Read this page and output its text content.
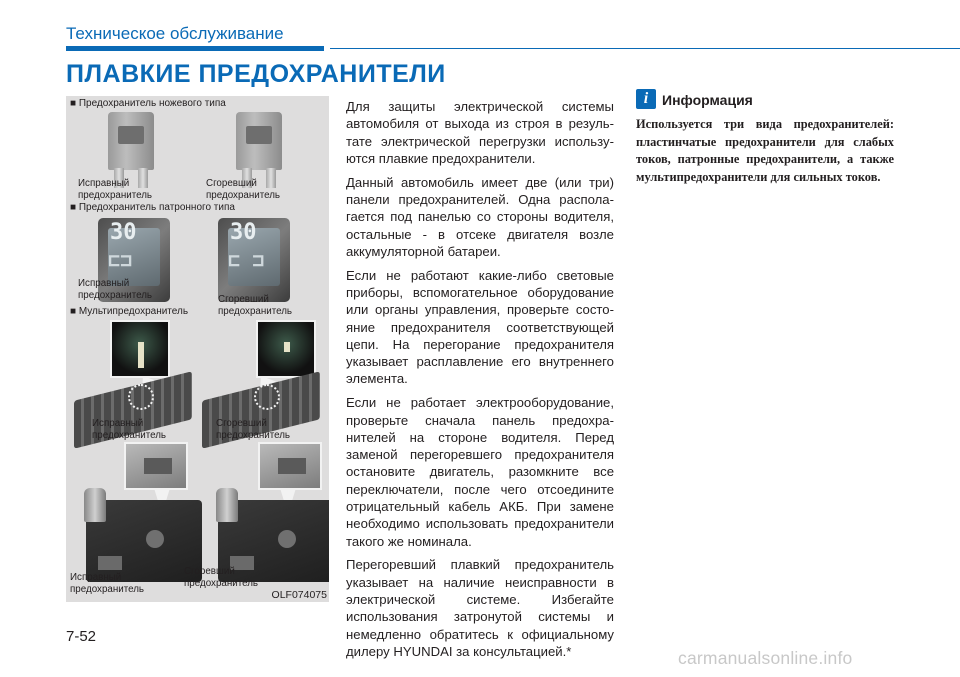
Техническое обслуживание
ПЛАВКИЕ ПРЕДОХРАНИТЕЛИ
■ Предохранитель ножевого типа
Исправный
предохранитель
Сгоревший
предохранитель
■ Предохранитель патронного типа
30
⊏⊐
30
⊏ ⊐
Исправный
предохранитель	Сгоревший
предохранитель
■ Мультипредохранитель
Исправный
предохранитель
Сгоревший
предохранитель
Исправный
предохранитель
Сгоревший
предохранитель
OLF074075

Для защиты электрической системы автомобиля от выхода из строя в результате электрической перегрузки используются плавкие предохранители.

Данный автомобиль имеет две (или три) панели предохранителей. Одна располагается под панелью со стороны водителя, остальные - в отсеке двигателя возле аккумуляторной батареи.

Если не работают какие-либо световые приборы, вспомогательное оборудование или органы управления, проверьте состояние предохранителя соответствующей цепи. На перегорание предохранителя указывает расплавление его внутреннего элемента.

Если не работает электрооборудование, проверьте сначала панель предохранителей на стороне водителя. Перед заменой перегоревшего предохранителя остановите двигатель, разомкните все переключатели, после чего отсоедините отрицательный кабель АКБ. При замене необходимо использовать предохранители такого же номинала.

Перегоревший плавкий предохранитель указывает на наличие неисправности в электрической системе. Избегайте использования затронутой системы и немедленно обратитесь к официальному дилеру HYUNDAI за консультацией.*

i Информация
Используется три вида предохранителей: пластинчатые предохранители для слабых токов, патронные предохранители, а также мультипредохранители для сильных токов.
7-52
carmanualsonline.info
